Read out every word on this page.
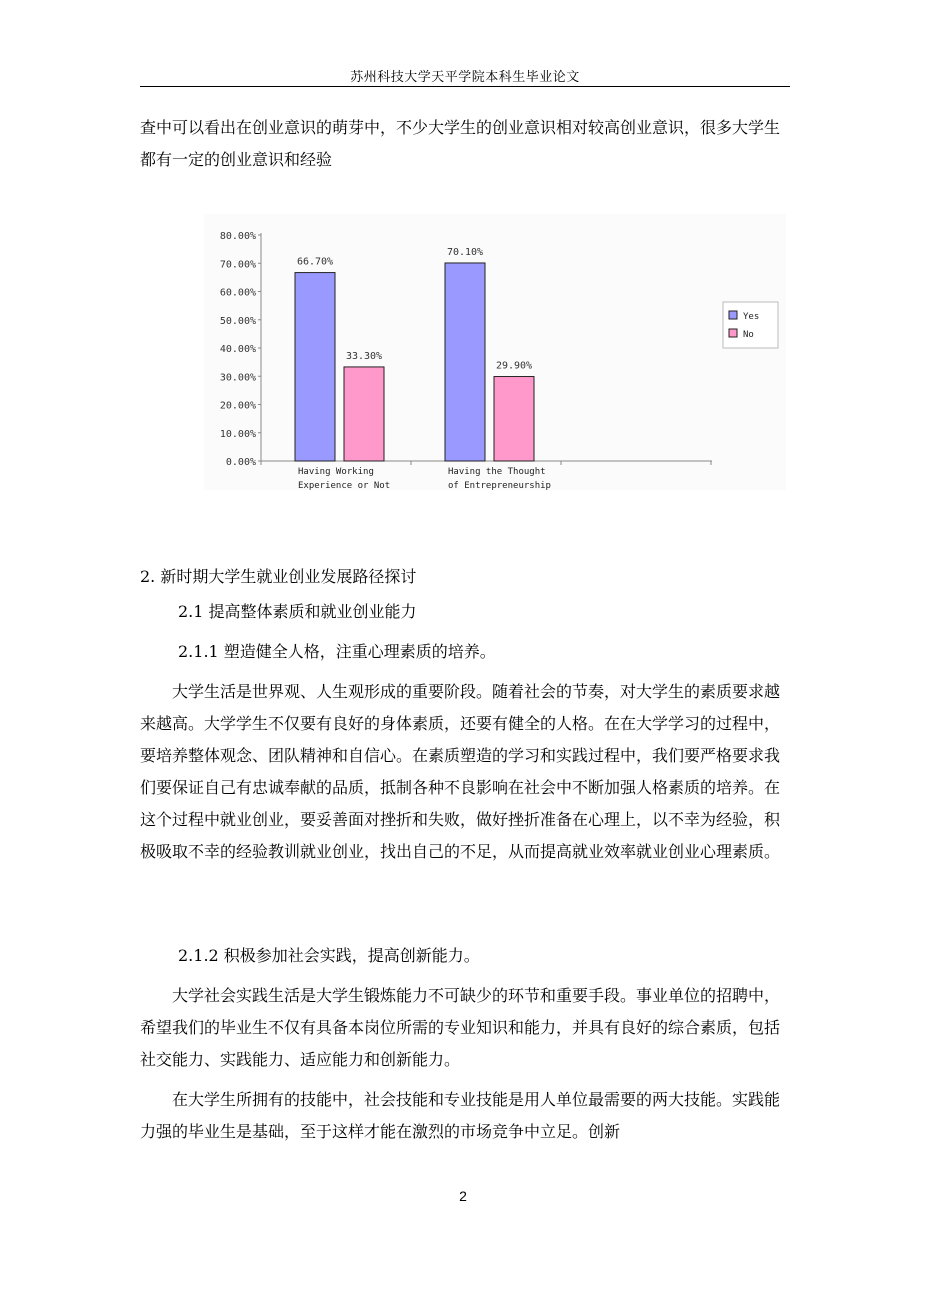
苏州科技大学天平学院本科生毕业论文

查中可以看出在创业意识的萌芽中，不少大学生的创业意识相对较高创业意识，很多大学生都有一定的创业意识和经验

0.00%
10.00%
20.00%
30.00%
40.00%
50.00%
60.00%
70.00%
80.00%
66.70%
33.30%
Having Working
Experience or Not
70.10%
29.90%
Having the Thought
of Entrepreneurship
Yes
No
2. 新时期大学生就业创业发展路径探讨
2.1 提高整体素质和就业创业能力
2.1.1 塑造健全人格，注重心理素质的培养。

大学生活是世界观、人生观形成的重要阶段。随着社会的节奏，对大学生的素质要求越来越高。大学学生不仅要有良好的身体素质，还要有健全的人格。在在大学学习的过程中，要培养整体观念、团队精神和自信心。在素质塑造的学习和实践过程中，我们要严格要求我们要保证自己有忠诚奉献的品质，抵制各种不良影响在社会中不断加强人格素质的培养。在这个过程中就业创业，要妥善面对挫折和失败，做好挫折准备在心理上，以不幸为经验，积极吸取不幸的经验教训就业创业，找出自己的不足，从而提高就业效率就业创业心理素质。

2.1.2 积极参加社会实践，提高创新能力。

大学社会实践生活是大学生锻炼能力不可缺少的环节和重要手段。事业单位的招聘中，希望我们的毕业生不仅有具备本岗位所需的专业知识和能力，并具有良好的综合素质，包括社交能力、实践能力、适应能力和创新能力。

在大学生所拥有的技能中，社会技能和专业技能是用人单位最需要的两大技能。实践能力强的毕业生是基础，至于这样才能在激烈的市场竞争中立足。创新

2
